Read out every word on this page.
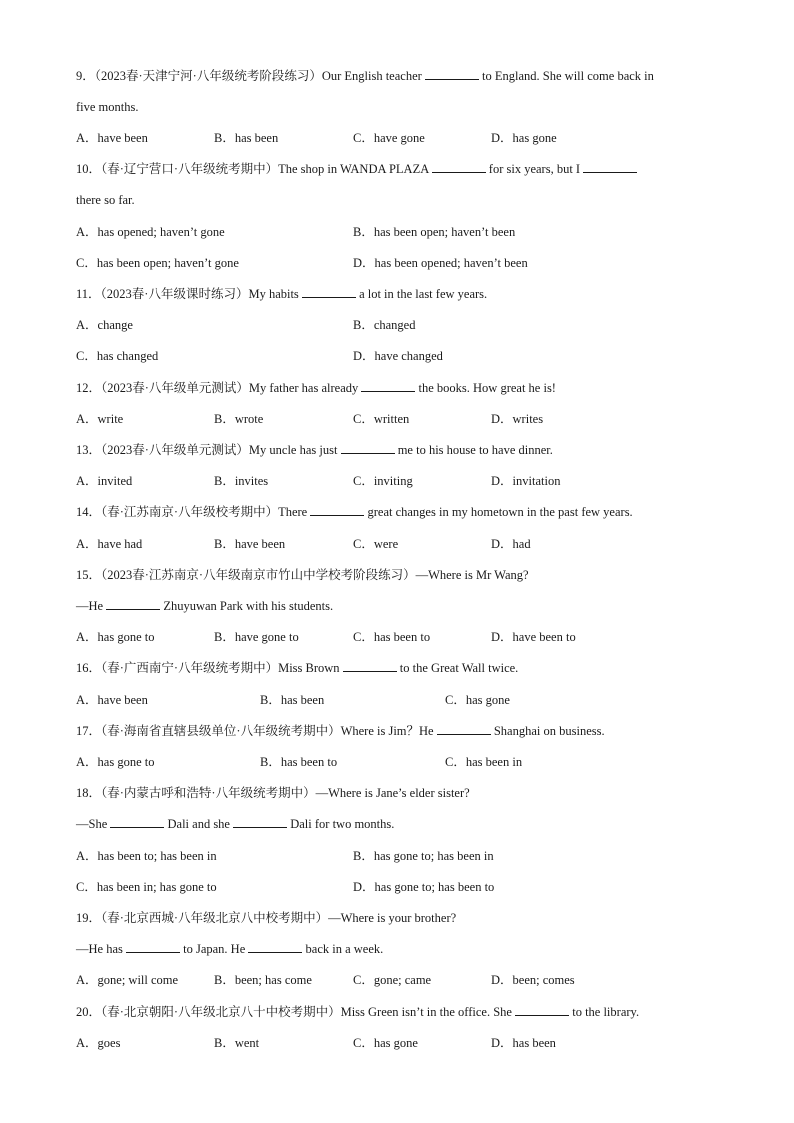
9．（2023春·天津宁河·八年级统考阶段练习）Our English teacher	to England. She will come back in
five months.
A．have been	B．has been	C．have gone	D．has gone
10．（春·辽宁营口·八年级统考期中）The shop in WANDA PLAZA	for six years, but I
there so far.
A．has opened; haven’t gone	B．has been open; haven’t been
C．has been open; haven’t gone	D．has been opened; haven’t been
11．（2023春·八年级课时练习）My habits	a lot in the last few years.
A．change	B．changed
C．has changed	D．have changed
12．（2023春·八年级单元测试）My father has already	the books. How great he is!
A．write	B．wrote	C．written	D．writes
13．（2023春·八年级单元测试）My uncle has just	me to his house to have dinner.
A．invited	B．invites	C．inviting	D．invitation
14．（春·江苏南京·八年级校考期中）There	great changes in my hometown in the past few years.
A．have had	B．have been	C．were	D．had
15．（2023春·江苏南京·八年级南京市竹山中学校考阶段练习）—Where is Mr Wang?
—He	Zhuyuwan Park with his students.
A．has gone to	B．have gone to	C．has been to	D．have been to
16．（春·广西南宁·八年级统考期中）Miss Brown	to the Great Wall twice.
A．have been	B．has been	C．has gone
17．（春·海南省直辖县级单位·八年级统考期中）Where is Jim？He	Shanghai on business.
A．has gone to	B．has been to	C．has been in
18．（春·内蒙古呼和浩特·八年级统考期中）—Where is Jane’s elder sister?
—She	Dali and she	Dali for two months.
A．has been to; has been in	B．has gone to; has been in
C．has been in; has gone to	D．has gone to; has been to
19．（春·北京西城·八年级北京八中校考期中）—Where is your brother?
—He has	to Japan. He	back in a week.
A．gone; will come	B．been; has come	C．gone; came	D．been; comes
20．（春·北京朝阳·八年级北京八十中校考期中）Miss Green isn’t in the office. She	to the library.
A．goes	B．went	C．has gone	D．has been
